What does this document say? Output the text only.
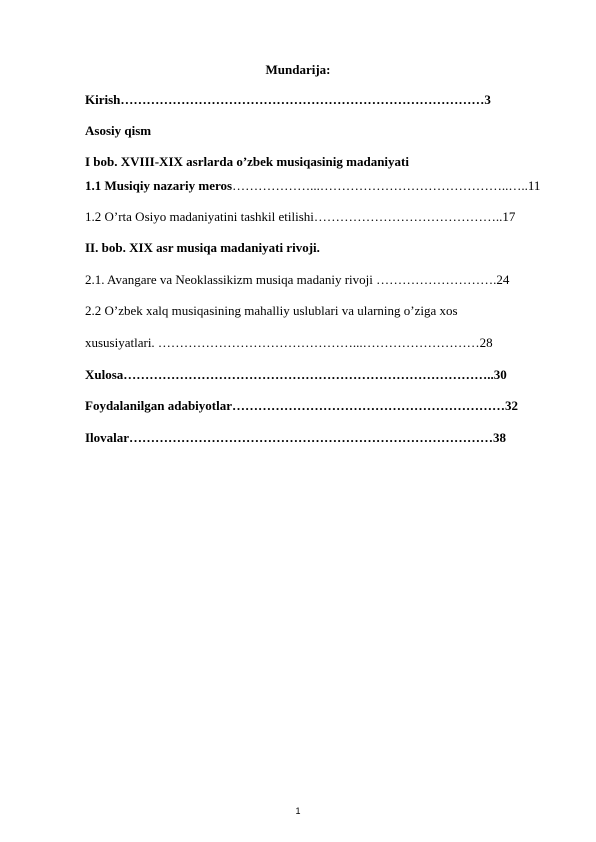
Mundarija:
Kirish…………………………………………………………………………3
Asosiy qism
I bob. XVIII-XIX asrlarda o’zbek musiqasinig madaniyati
1.1 Musiqiy nazariy meros………………...……………………………………..…..11
1.2 O’rta Osiyo madaniyatini tashkil etilishi……………………………………..17
II. bob. XIX asr musiqa madaniyati rivoji.
2.1. Avangare va Neoklassikizm musiqa madaniy rivoji ……………………….24
2.2 O’zbek xalq musiqasining mahalliy uslublari va ularning o’ziga xos
xususiyatlari. ………………………………………...………………………28
Xulosa…………………………………………………………………………..30
Foydalanilgan adabiyotlar………………………………………………………32
Ilovalar…………………………………………………………………………38
1
